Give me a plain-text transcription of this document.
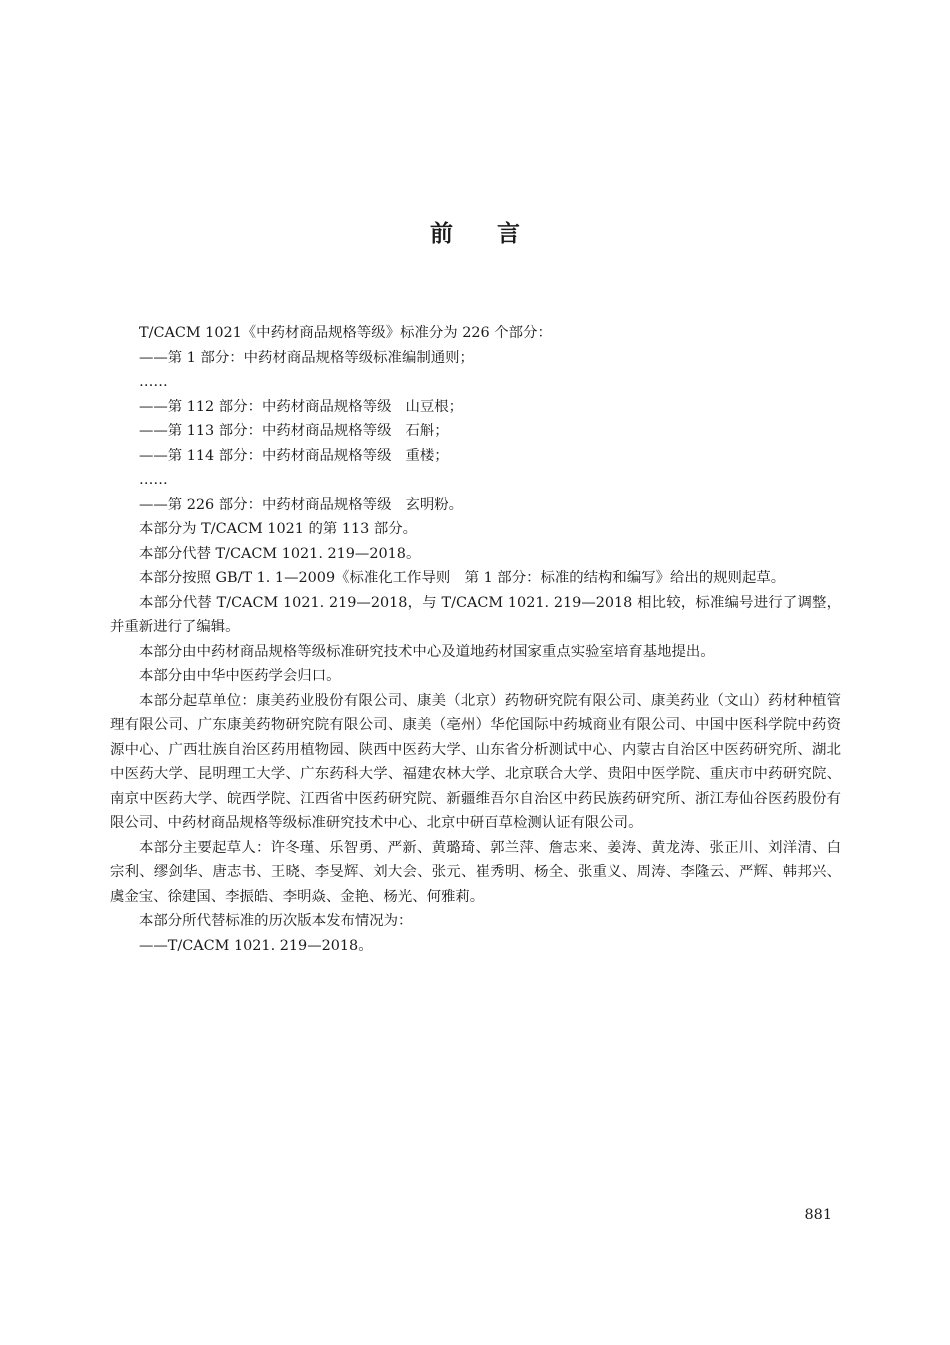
前言

T/CACM 1021《中药材商品规格等级》标准分为 226 个部分：

——第 1 部分：中药材商品规格等级标准编制通则；

……

——第 112 部分：中药材商品规格等级 山豆根；

——第 113 部分：中药材商品规格等级 石斛；

——第 114 部分：中药材商品规格等级 重楼；

……

——第 226 部分：中药材商品规格等级 玄明粉。

本部分为 T/CACM 1021 的第 113 部分。

本部分代替 T/CACM 1021. 219—2018。

本部分按照 GB/T 1. 1—2009《标准化工作导则　第 1 部分：标准的结构和编写》给出的规则起草。

本部分代替 T/CACM 1021. 219—2018，与 T/CACM 1021. 219—2018 相比较，标准编号进行了调整，并重新进行了编辑。

本部分由中药材商品规格等级标准研究技术中心及道地药材国家重点实验室培育基地提出。

本部分由中华中医药学会归口。

本部分起草单位：康美药业股份有限公司、康美（北京）药物研究院有限公司、康美药业（文山）药材种植管理有限公司、广东康美药物研究院有限公司、康美（亳州）华佗国际中药城商业有限公司、中国中医科学院中药资源中心、广西壮族自治区药用植物园、陕西中医药大学、山东省分析测试中心、内蒙古自治区中医药研究所、湖北中医药大学、昆明理工大学、广东药科大学、福建农林大学、北京联合大学、贵阳中医学院、重庆市中药研究院、南京中医药大学、皖西学院、江西省中医药研究院、新疆维吾尔自治区中药民族药研究所、浙江寿仙谷医药股份有限公司、中药材商品规格等级标准研究技术中心、北京中研百草检测认证有限公司。

本部分主要起草人：许冬瑾、乐智勇、严新、黄璐琦、郭兰萍、詹志来、姜涛、黄龙涛、张正川、刘洋清、白宗利、缪剑华、唐志书、王晓、李旻辉、刘大会、张元、崔秀明、杨全、张重义、周涛、李隆云、严辉、韩邦兴、虞金宝、徐建国、李振皓、李明焱、金艳、杨光、何雅莉。

本部分所代替标准的历次版本发布情况为：

——T/CACM 1021. 219—2018。

881
